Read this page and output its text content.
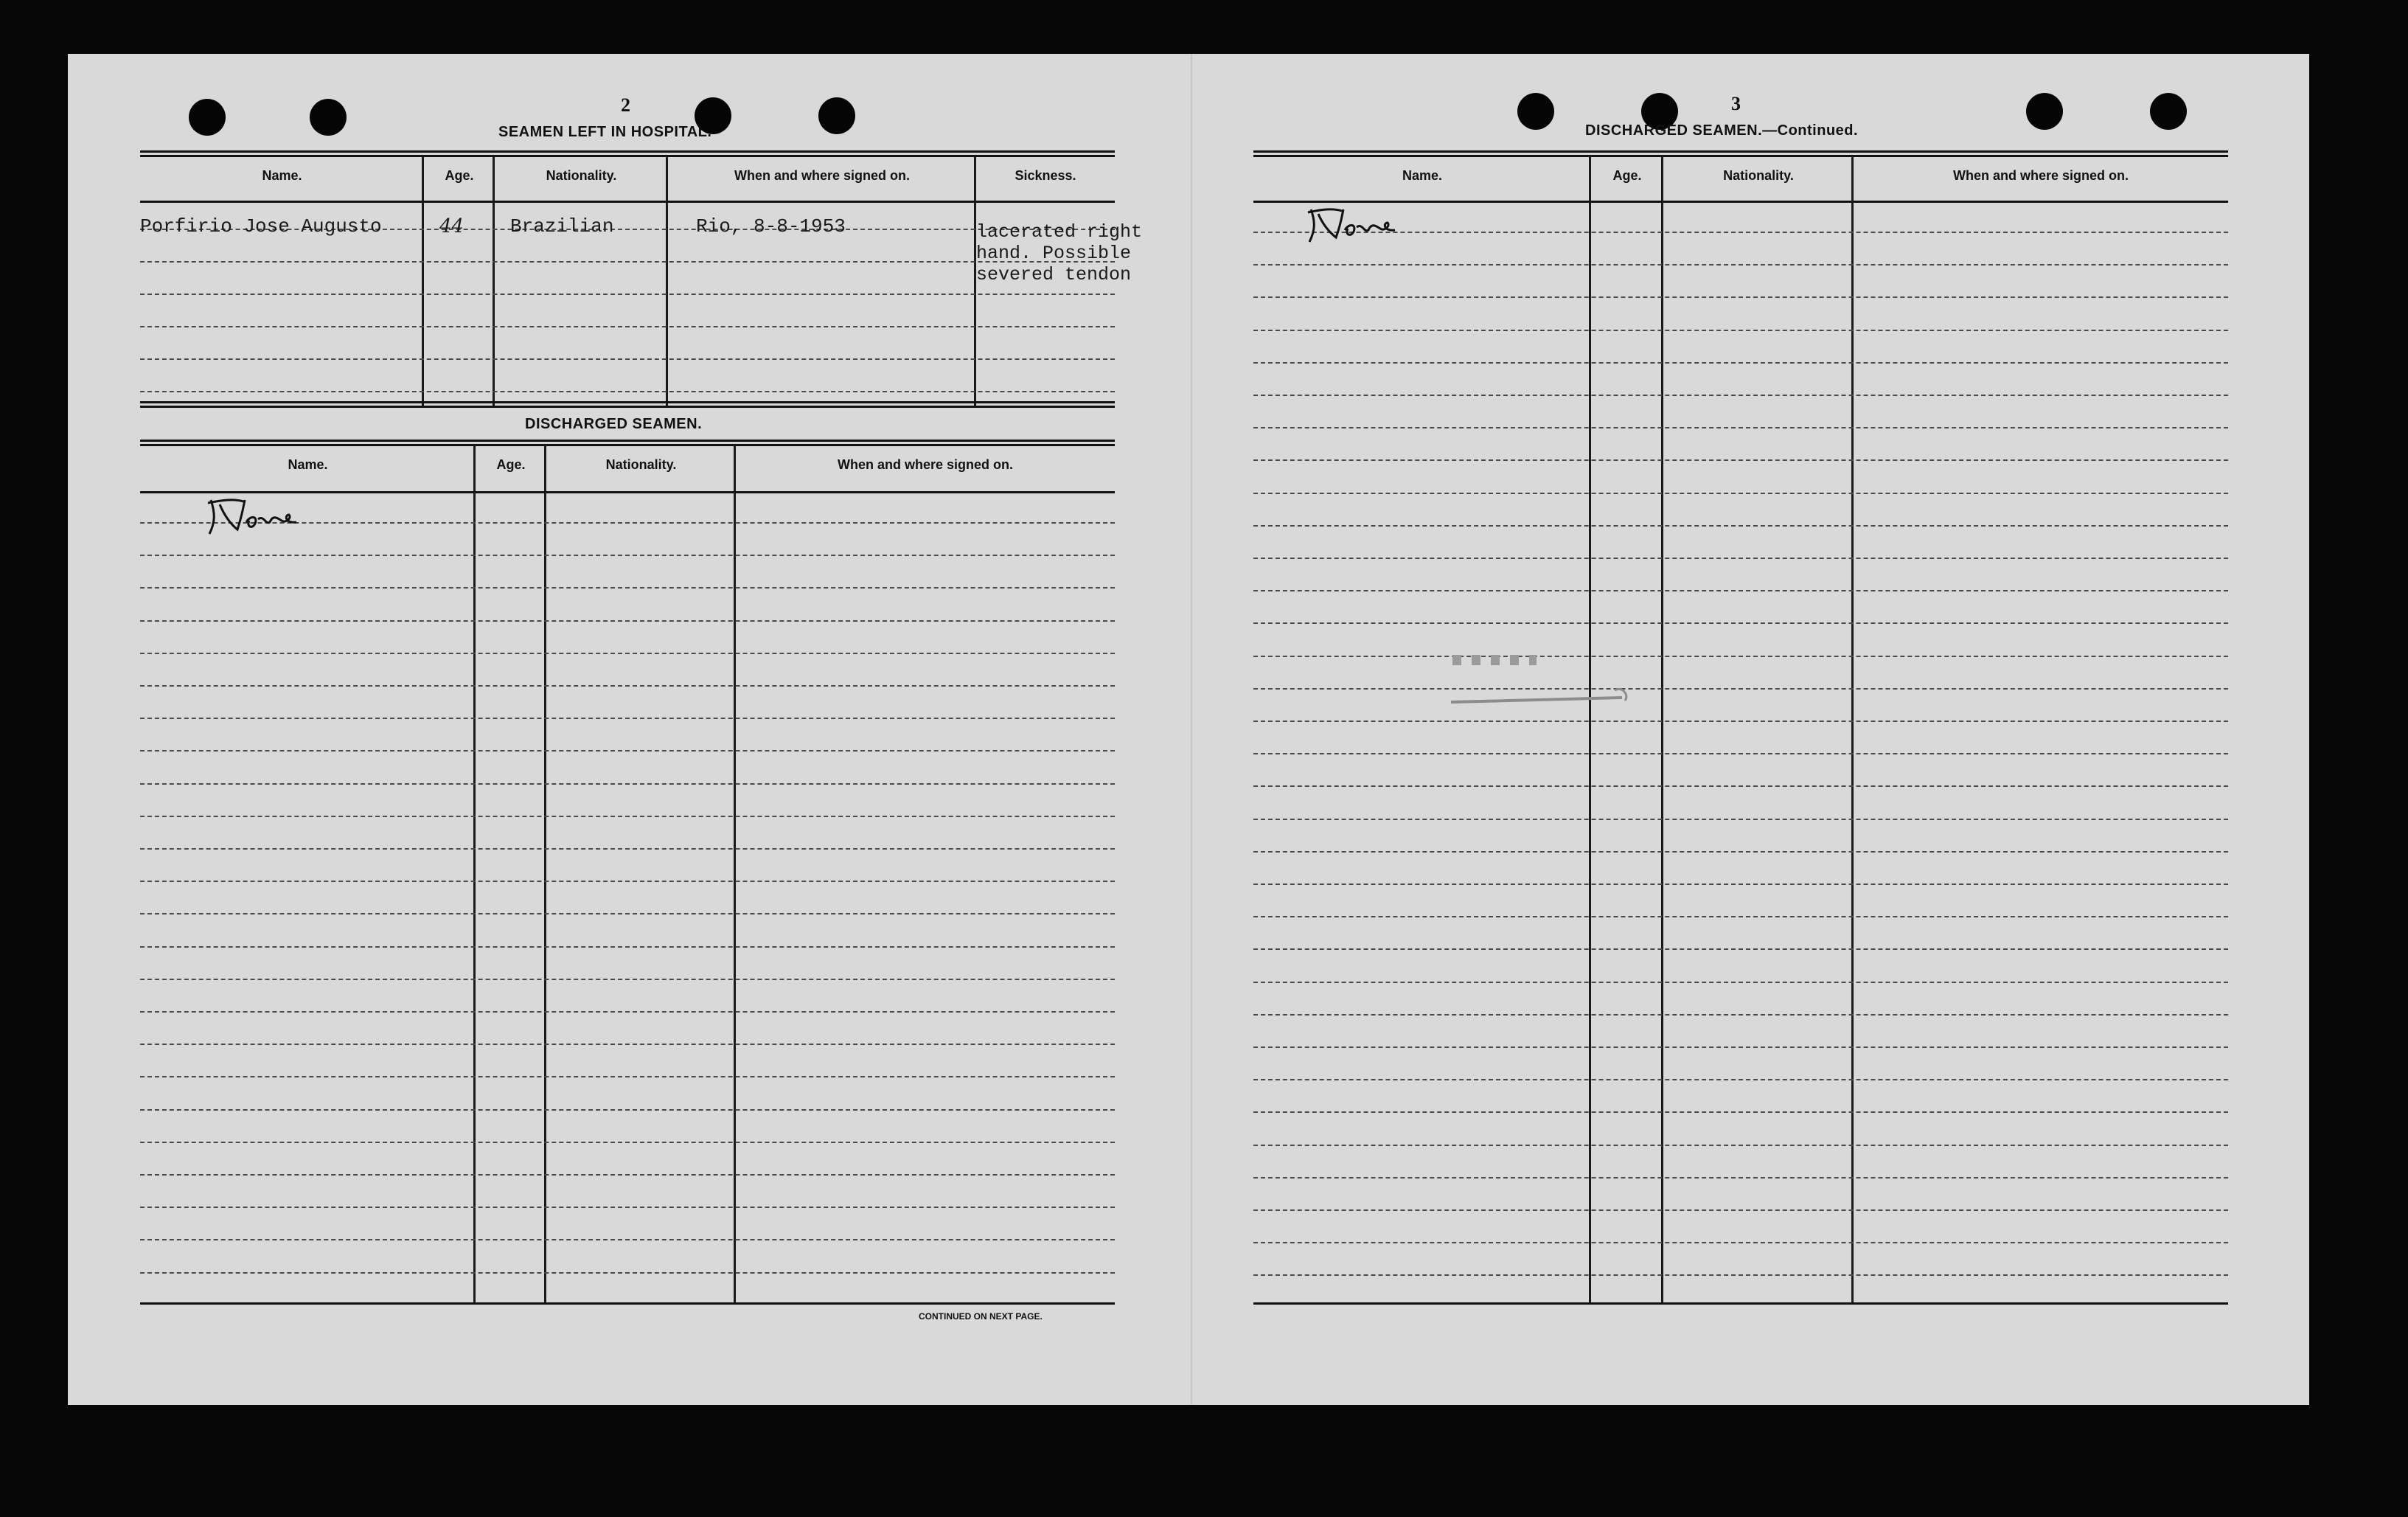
2
SEAMEN LEFT IN HOSPITAL.
Name.	Age.	Nationality.	When and where signed on.	Sickness.
Porfirio Jose Augusto	44 Brazilian	Rio, 8-8-1953	lacerated right
hand. Possible
severed tendon
DISCHARGED SEAMEN.
Name.	Age.	Nationality.	When and where signed on.
CONTINUED ON NEXT PAGE.
3
DISCHARGED SEAMEN.—Continued.
Name.	Age.	Nationality.	When and where signed on.
